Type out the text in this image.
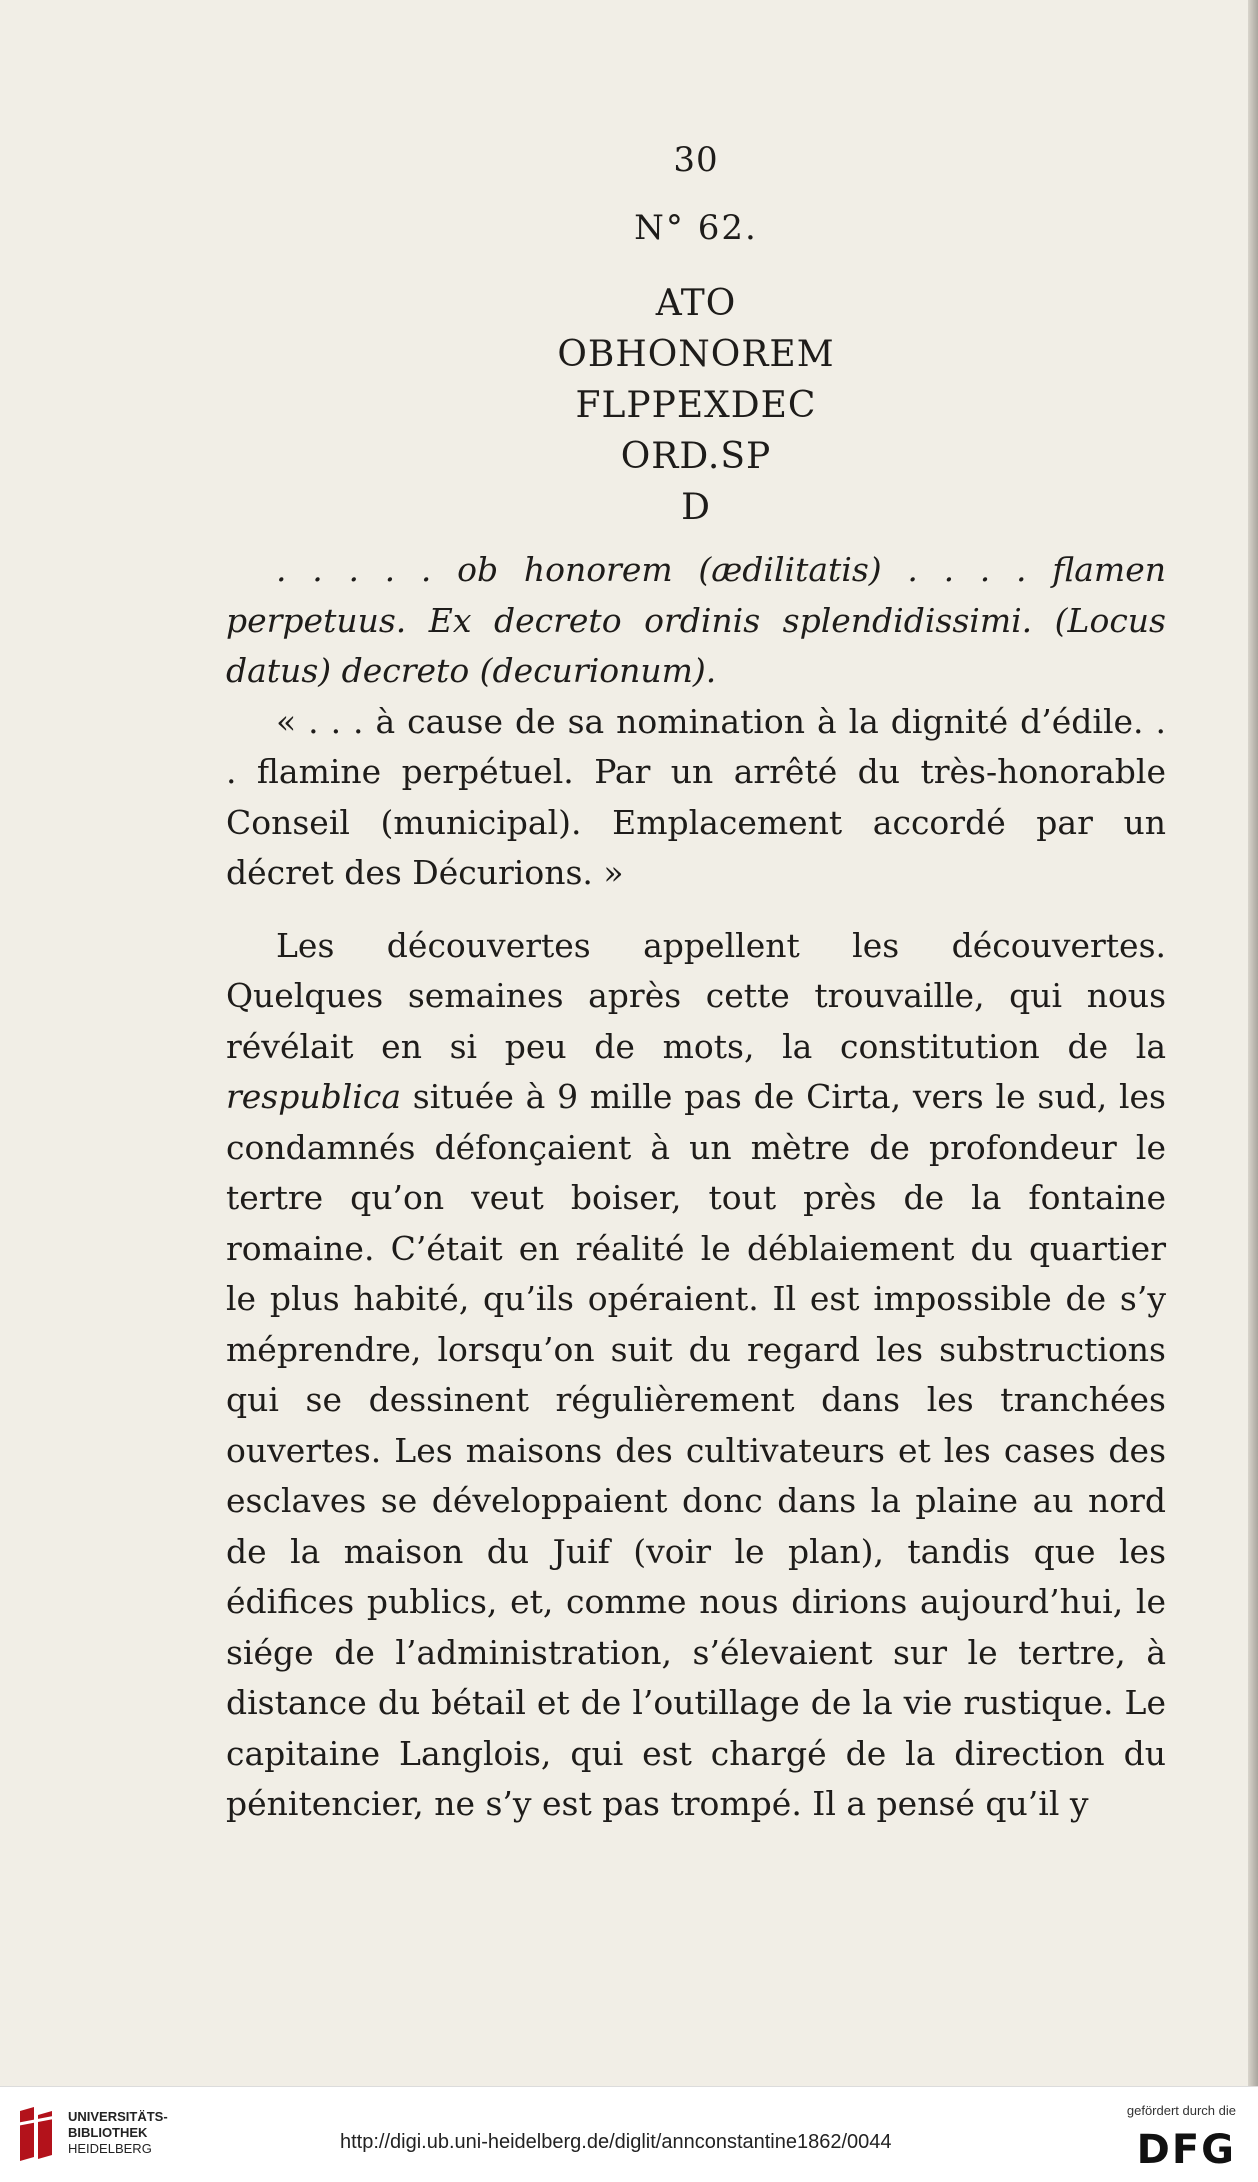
30
N° 62.
ATO
OBHONOREM
FLPPEXDEC
ORD.SP
D

. . . . . ob honorem (ædilitatis) . . . . flamen perpetuus. Ex decreto ordinis splendidissimi. (Locus datus) decreto (decurionum).

« . . . à cause de sa nomination à la dignité d’édile. . . flamine perpétuel. Par un arrêté du très-honorable Conseil (municipal). Emplacement accordé par un décret des Décurions. »

Les découvertes appellent les découvertes. Quelques semaines après cette trouvaille, qui nous révélait en si peu de mots, la constitution de la respublica située à 9 mille pas de Cirta, vers le sud, les condamnés défonçaient à un mètre de profondeur le tertre qu’on veut boiser, tout près de la fontaine romaine. C’était en réalité le déblaiement du quartier le plus habité, qu’ils opéraient. Il est impossible de s’y méprendre, lorsqu’on suit du regard les substructions qui se dessinent régulièrement dans les tranchées ouvertes. Les maisons des cultivateurs et les cases des esclaves se développaient donc dans la plaine au nord de la maison du Juif (voir le plan), tandis que les édifices publics, et, comme nous dirions aujourd’hui, le siége de l’administration, s’élevaient sur le tertre, à distance du bétail et de l’outillage de la vie rustique. Le capitaine Langlois, qui est chargé de la direction du pénitencier, ne s’y est pas trompé. Il a pensé qu’il y

UNIVERSITÄTS-
BIBLIOTHEK
HEIDELBERG	http://digi.ub.uni-heidelberg.de/diglit/annconstantine1862/0044
gefördert durch die
DFG
